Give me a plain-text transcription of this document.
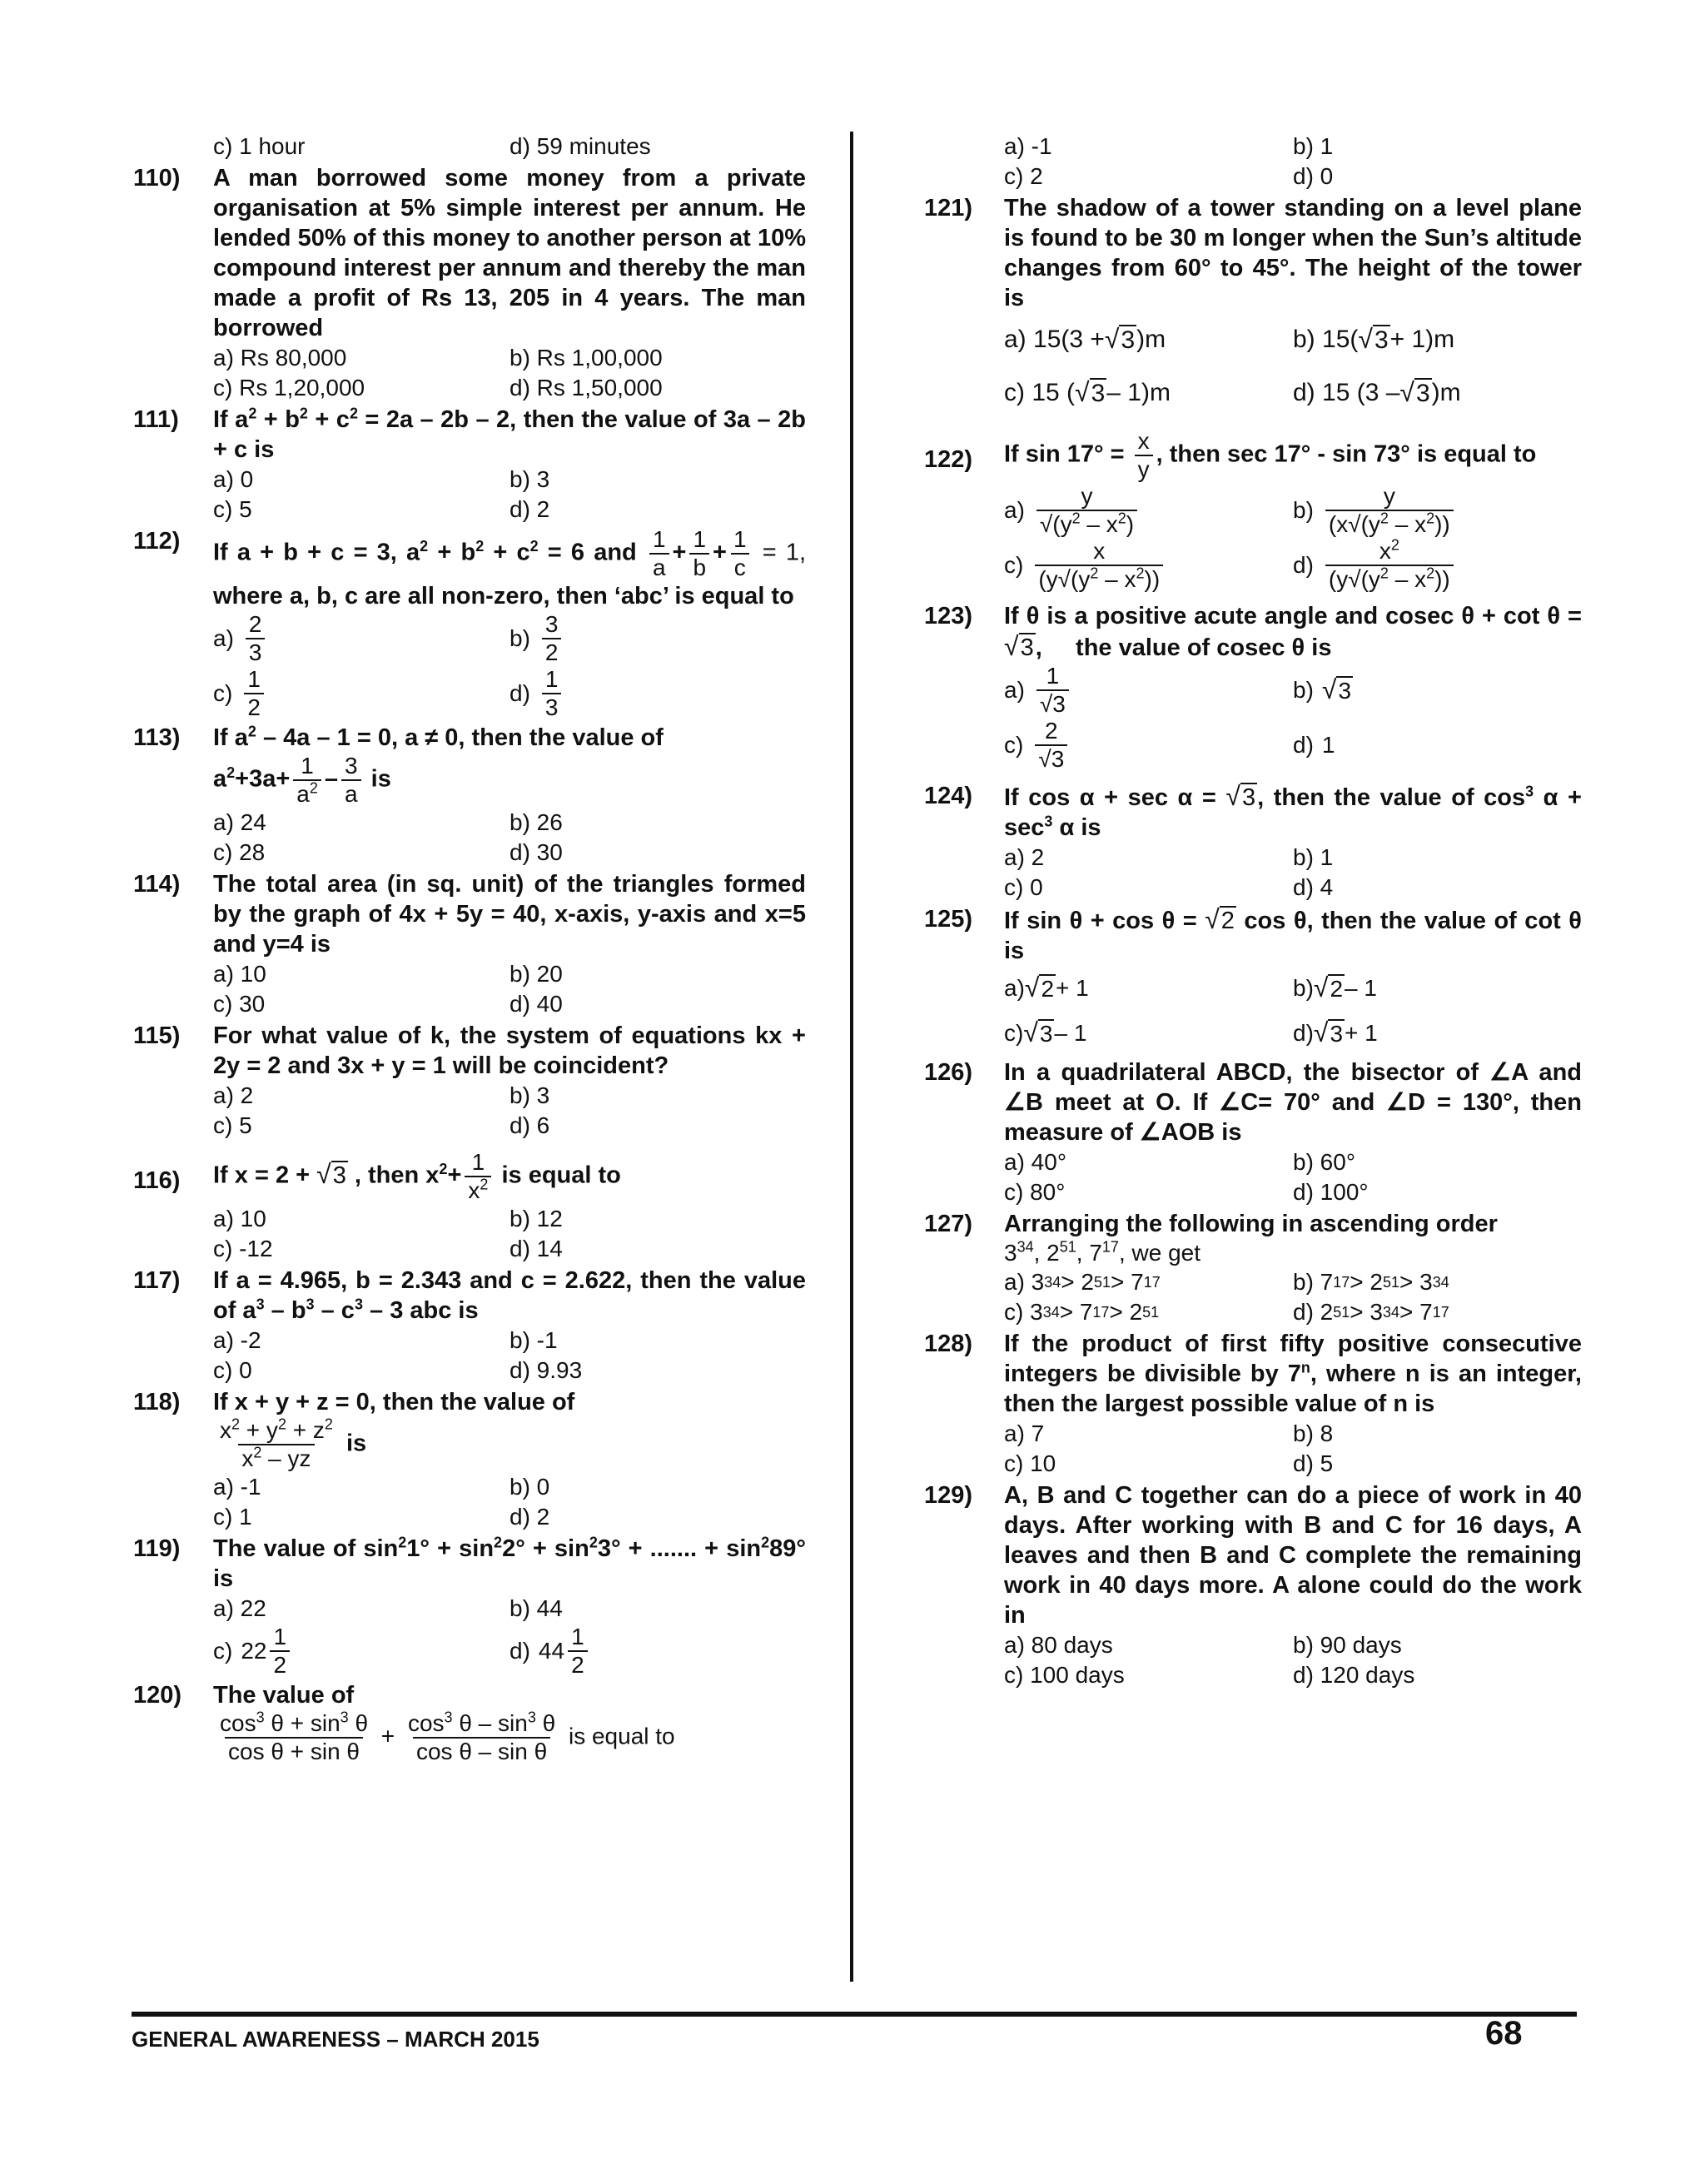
c) 1 hour	d) 59 minutes
110)	A man borrowed some money from a private organisation at 5% simple interest per annum. He lended 50% of this money to another person at 10% compound interest per annum and thereby the man made a profit of Rs 13, 205 in 4 years. The man borrowed
a) Rs 80,000	b) Rs 1,00,000
c) Rs 1,20,000	d) Rs 1,50,000
111)	If $a^2 + b^2 + c^2 = 2a - 2b - 2$, then the value of 3a – 2b + c is
a) 0	b) 3
c) 5	d) 2
112)	If a + b + c = 3, $a^2 + b^2 + c^2 = 6$ and $\frac{1}{a} + \frac{1}{b} + \frac{1}{c} = 1$, where a, b, c are all non-zero, then ‘abc’ is equal to
$a) \frac{2}{3}$	$b) \frac{3}{2}$
$c) \frac{1}{2}$	$d) \frac{1}{3}$
113)	If $a^2 - 4a - 1 = 0$, a ≠ 0, then the value of
$a^2+3a+ \frac{1}{a^2} - \frac{3}{a}$ is
a) 24	b) 26
c) 28	d) 30
114)	The total area (in sq. unit) of the triangles formed by the graph of 4x + 5y = 40, x-axis, y-axis and x=5 and y=4 is
a) 10	b) 20
c) 30	d) 40
115)	For what value of k, the system of equations kx + 2y = 2 and 3x + y = 1 will be coincident?
a) 2	b) 3
c) 5	d) 6
116)	If x = 2 + √3 , then $x^2+ \frac{1}{x^2}$ is equal to
a) 10	b) 12
c) -12	d) 14
117)	If a = 4.965, b = 2.343 and c = 2.622, then the value of $a^3 - b^3 - c^3 - 3$ abc is
a) -2	b) -1
c) 0	d) 9.93
118)	If x + y + z = 0, then the value of
$\frac{x^2 + y^2 + z^2}{x^2 - yz}$ is
a) -1	b) 0
c) 1	d) 2
119)	The value of $\sin^21^\circ + \sin^22^\circ + \sin^23^\circ$ + ....... + $\sin^289^\circ$ is
a) 22	b) 44
c) $22 \frac{1}{2}$	d) $44 \frac{1}{2}$
120)	The value of
$\frac{\cos^3 \theta + \sin^3 \theta}{\text{cos θ + sin θ}} + \frac{\cos^3 \theta - \sin^3 \theta}{\text{cos θ – sin θ}}$ is equal to
a) -1	b) 1
c) 2	d) 0
121)	The shadow of a tower standing on a level plane is found to be 30 m longer when the Sun’s altitude changes from 60° to 45°. The height of the tower is
a) 15(3 + √3 )m	b) 15( √3 + 1)m
c) 15 ( √3 – 1)m	d) 15 (3 – √3 )m
122)	If $\sin 17^\circ = \frac{x}{y}$ , then sec 17° - sin 73° is equal to
$a) \frac{y}{√(y^2 - x^2)}$	$b) \frac{y}{(x√(y^2 - x^2))}$
$c) \frac{x}{(y√(y^2 - x^2))}$	$d) \frac{x^2}{(y√(y^2 - x^2))}$
123)	If θ is a positive acute angle and cosec θ + cot θ = √3,     the value of cosec θ is
$a) \frac{1}{√3}$	b) √3
$c) \frac{2}{√3}$	d) 1
124)	If cos α + sec α = √3, then the value of $\cos^3 \alpha + \sec^3 \alpha$ is
a) 2	b) 1
c) 0	d) 4
125)	If sin θ + cos θ = √2 cos θ, then the value of cot θ is
a) √2 + 1	b) √2 – 1
c) √3 – 1	d) √3 + 1
126)	In a quadrilateral ABCD, the bisector of ∠A and ∠B meet at O. If ∠C= 70° and ∠D = 130°, then measure of ∠AOB is
a) 40°	b) 60°
c) 80°	d) 100°
127)	Arranging the following in ascending order
$3^{34}$, $2^{51}$, $7^{17}$, we get
a) 3 34 > 2 51 > 7 17	b) 7 17 > 2 51 > 3 34
c) 3 34 > 7 17 > 2 51	d) 2 51 > 3 34 > 7 17
128)	If the product of first fifty positive consecutive integers be divisible by 7$^n$, where n is an integer, then the largest possible value of n is
a) 7	b) 8
c) 10	d) 5
129)	A, B and C together can do a piece of work in 40 days. After working with B and C for 16 days, A leaves and then B and C complete the remaining work in 40 days more. A alone could do the work in
a) 80 days	b) 90 days
c) 100 days	d) 120 days
GENERAL AWARENESS – MARCH 2015	68
